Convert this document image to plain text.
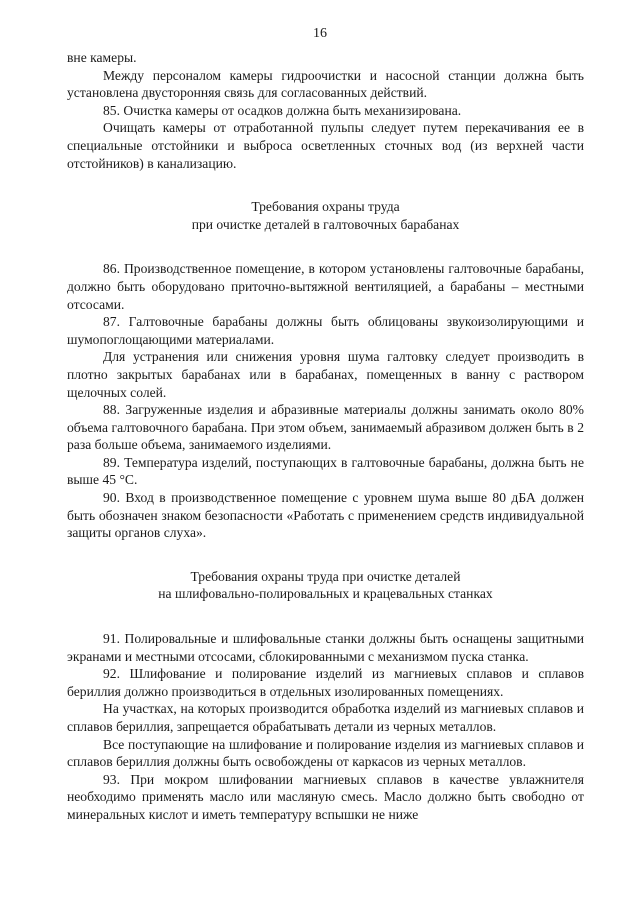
16

вне камеры.

Между персоналом камеры гидроочистки и насосной станции должна быть установлена двусторонняя связь для согласованных действий.

85. Очистка камеры от осадков должна быть механизирована.

Очищать камеры от отработанной пульпы следует путем перекачивания ее в специальные отстойники и выброса осветленных сточных вод (из верхней части отстойников) в канализацию.

Требования охраны труда
при очистке деталей в галтовочных барабанах

86. Производственное помещение, в котором установлены галтовочные барабаны, должно быть оборудовано приточно-вытяжной вентиляцией, а барабаны – местными отсосами.

87. Галтовочные барабаны должны быть облицованы звукоизолирующими и шумопоглощающими материалами.

Для устранения или снижения уровня шума галтовку следует производить в плотно закрытых барабанах или в барабанах, помещенных в ванну с раствором щелочных солей.

88. Загруженные изделия и абразивные материалы должны занимать около 80% объема галтовочного барабана. При этом объем, занимаемый абразивом должен быть в 2 раза больше объема, занимаемого изделиями.

89. Температура изделий, поступающих в галтовочные барабаны, должна быть не выше 45 °С.

90. Вход в производственное помещение с уровнем шума выше 80 дБА должен быть обозначен знаком безопасности «Работать с применением средств индивидуальной защиты органов слуха».

Требования охраны труда при очистке деталей
на шлифовально-полировальных и крацевальных станках

91. Полировальные и шлифовальные станки должны быть оснащены защитными экранами и местными отсосами, сблокированными с механизмом пуска станка.

92. Шлифование и полирование изделий из магниевых сплавов и сплавов бериллия должно производиться в отдельных изолированных помещениях.

На участках, на которых производится обработка изделий из магниевых сплавов и сплавов бериллия, запрещается обрабатывать детали из черных металлов.

Все поступающие на шлифование и полирование изделия из магниевых сплавов и сплавов бериллия должны быть освобождены от каркасов из черных металлов.

93. При мокром шлифовании магниевых сплавов в качестве увлажнителя необходимо применять масло или масляную смесь. Масло должно быть свободно от минеральных кислот и иметь температуру вспышки не ниже
